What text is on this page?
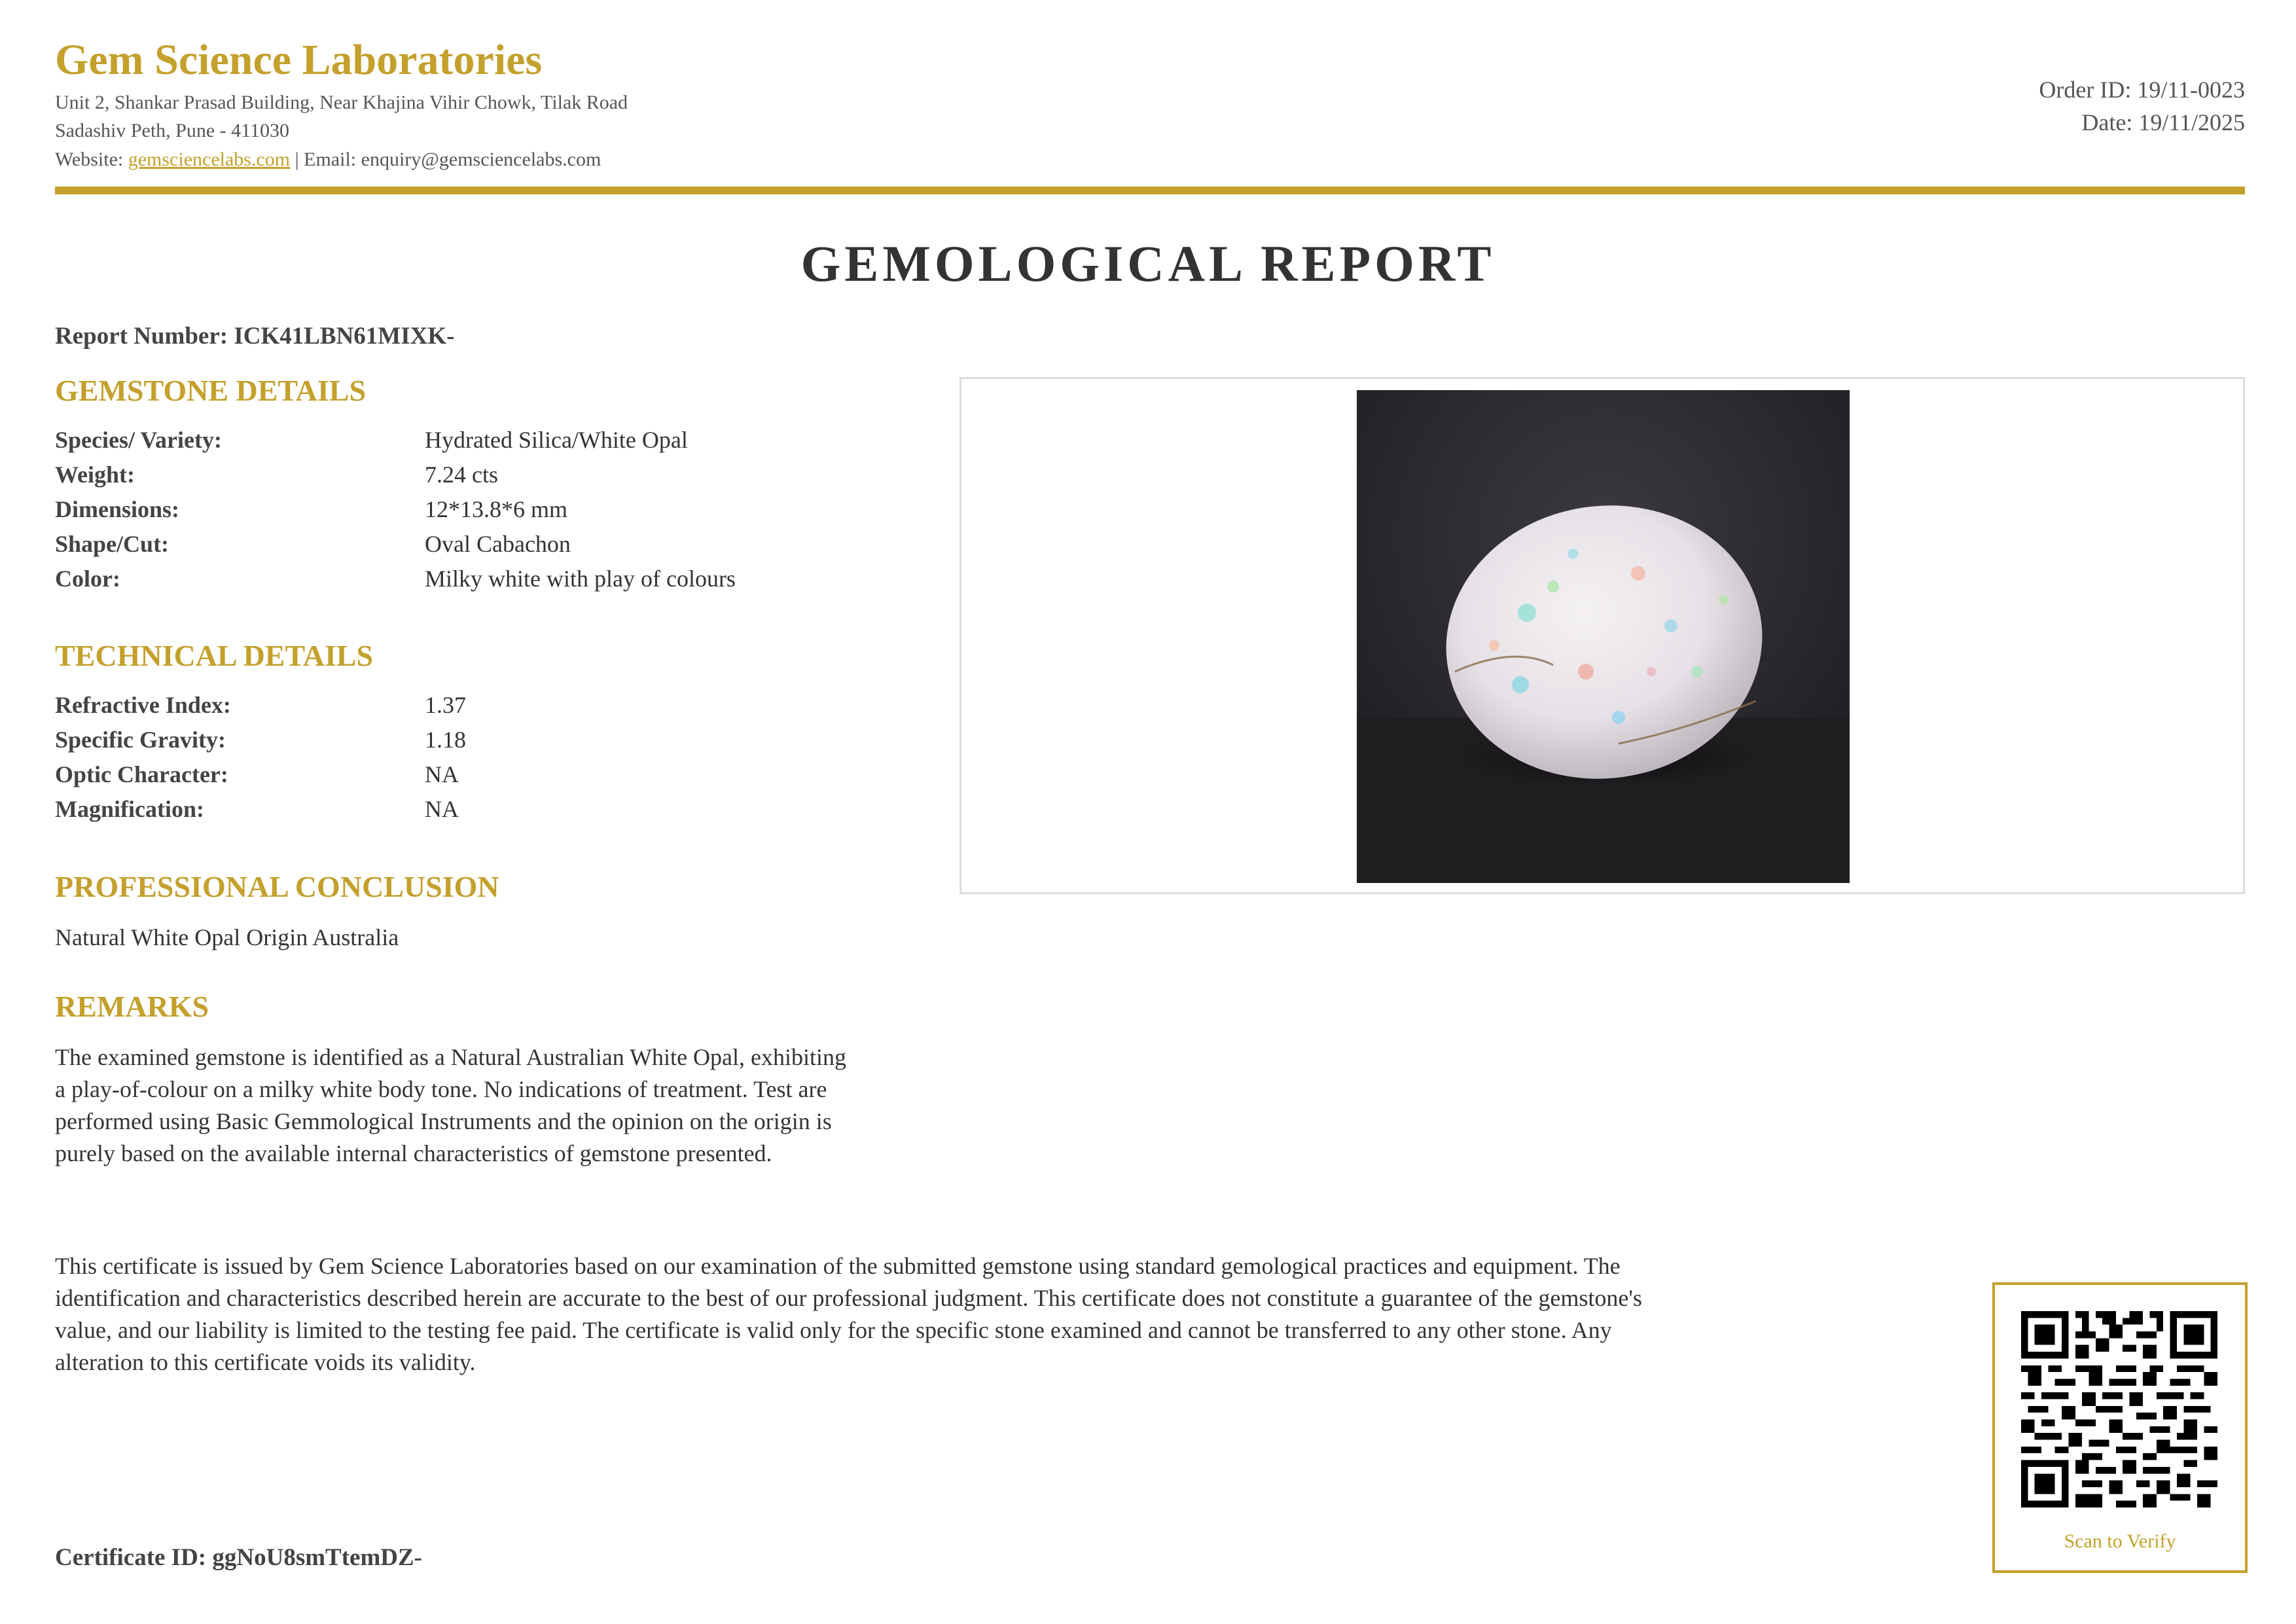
Gem Science Laboratories
Unit 2, Shankar Prasad Building, Near Khajina Vihir Chowk, Tilak Road
Sadashiv Peth, Pune - 411030
Website: gemsciencelabs.com | Email: enquiry@gemsciencelabs.com
Order ID: 19/11-0023
Date: 19/11/2025
GEMOLOGICAL REPORT
Report Number: ICK41LBN61MIXK-
GEMSTONE DETAILS
Species/ Variety:	Hydrated Silica/White Opal
Weight:	7.24 cts
Dimensions:	12*13.8*6 mm
Shape/Cut:	Oval Cabachon
Color:	Milky white with play of colours
TECHNICAL DETAILS
Refractive Index:	1.37
Specific Gravity:	1.18
Optic Character:	NA
Magnification:	NA
PROFESSIONAL CONCLUSION
Natural White Opal Origin Australia
REMARKS
The examined gemstone is identified as a Natural Australian White Opal, exhibiting
a play-of-colour on a milky white body tone. No indications of treatment. Test are
performed using Basic Gemmological Instruments and the opinion on the origin is
purely based on the available internal characteristics of gemstone presented.
This certificate is issued by Gem Science Laboratories based on our examination of the submitted gemstone using standard gemological practices and equipment. The
identification and characteristics described herein are accurate to the best of our professional judgment. This certificate does not constitute a guarantee of the gemstone's
value, and our liability is limited to the testing fee paid. The certificate is valid only for the specific stone examined and cannot be transferred to any other stone. Any
alteration to this certificate voids its validity.
Certificate ID: ggNoU8smTtemDZ-
Scan to Verify
